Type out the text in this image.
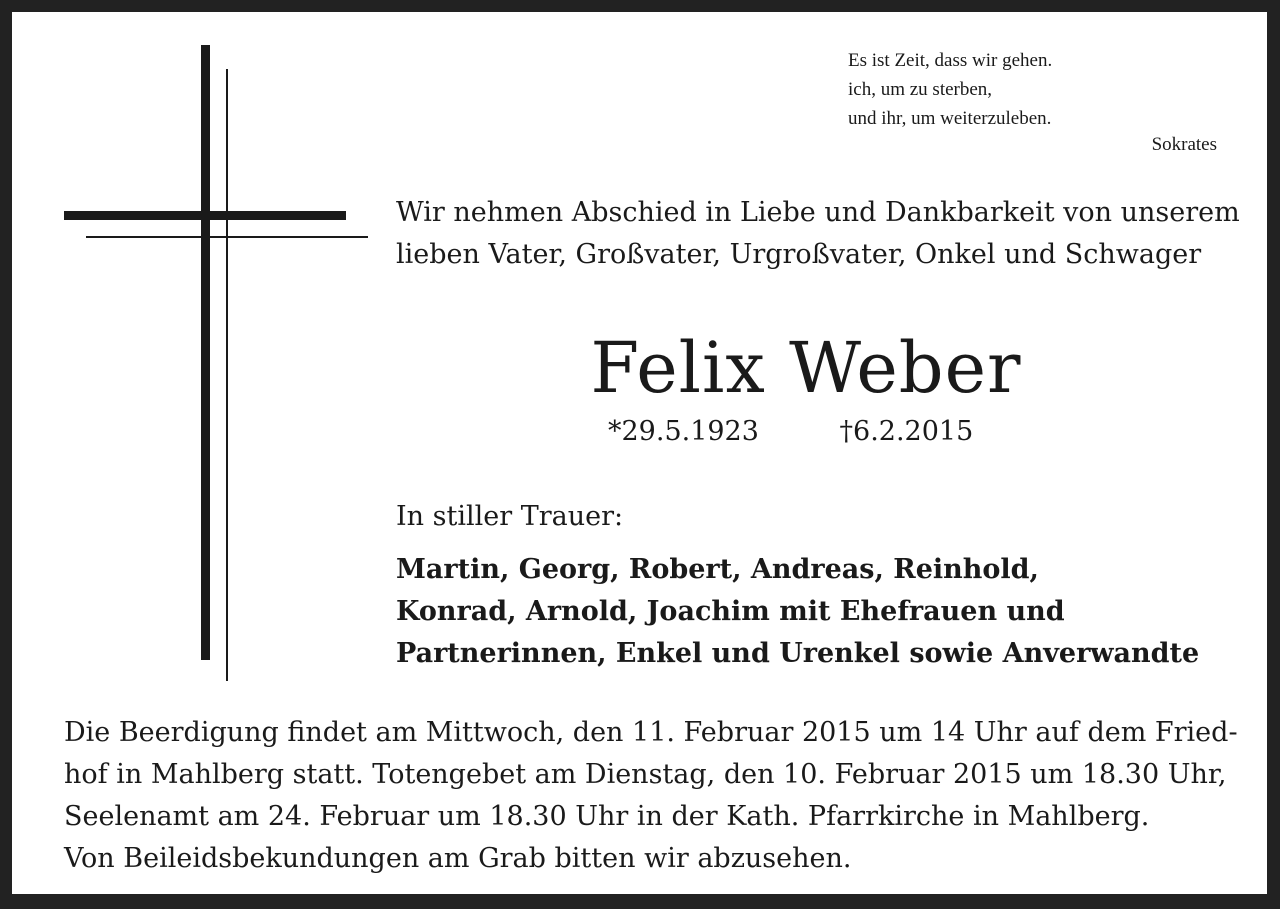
Es ist Zeit, dass wir gehen.
ich, um zu sterben,
und ihr, um weiterzuleben.
Sokrates
Wir nehmen Abschied in Liebe und Dankbarkeit von unserem
lieben Vater, Großvater, Urgroßvater, Onkel und Schwager
Felix Weber
*29.5.1923	†6.2.2015
In stiller Trauer:
Martin, Georg, Robert, Andreas, Reinhold,
Konrad, Arnold, Joachim mit Ehefrauen und
Partnerinnen, Enkel und Urenkel sowie Anverwandte
Die Beerdigung findet am Mittwoch, den 11. Februar 2015 um 14 Uhr auf dem Fried-
hof in Mahlberg statt. Totengebet am Dienstag, den 10. Februar 2015 um 18.30 Uhr,
Seelenamt am 24. Februar um 18.30 Uhr in der Kath. Pfarrkirche in Mahlberg.
Von Beileidsbekundungen am Grab bitten wir abzusehen.
